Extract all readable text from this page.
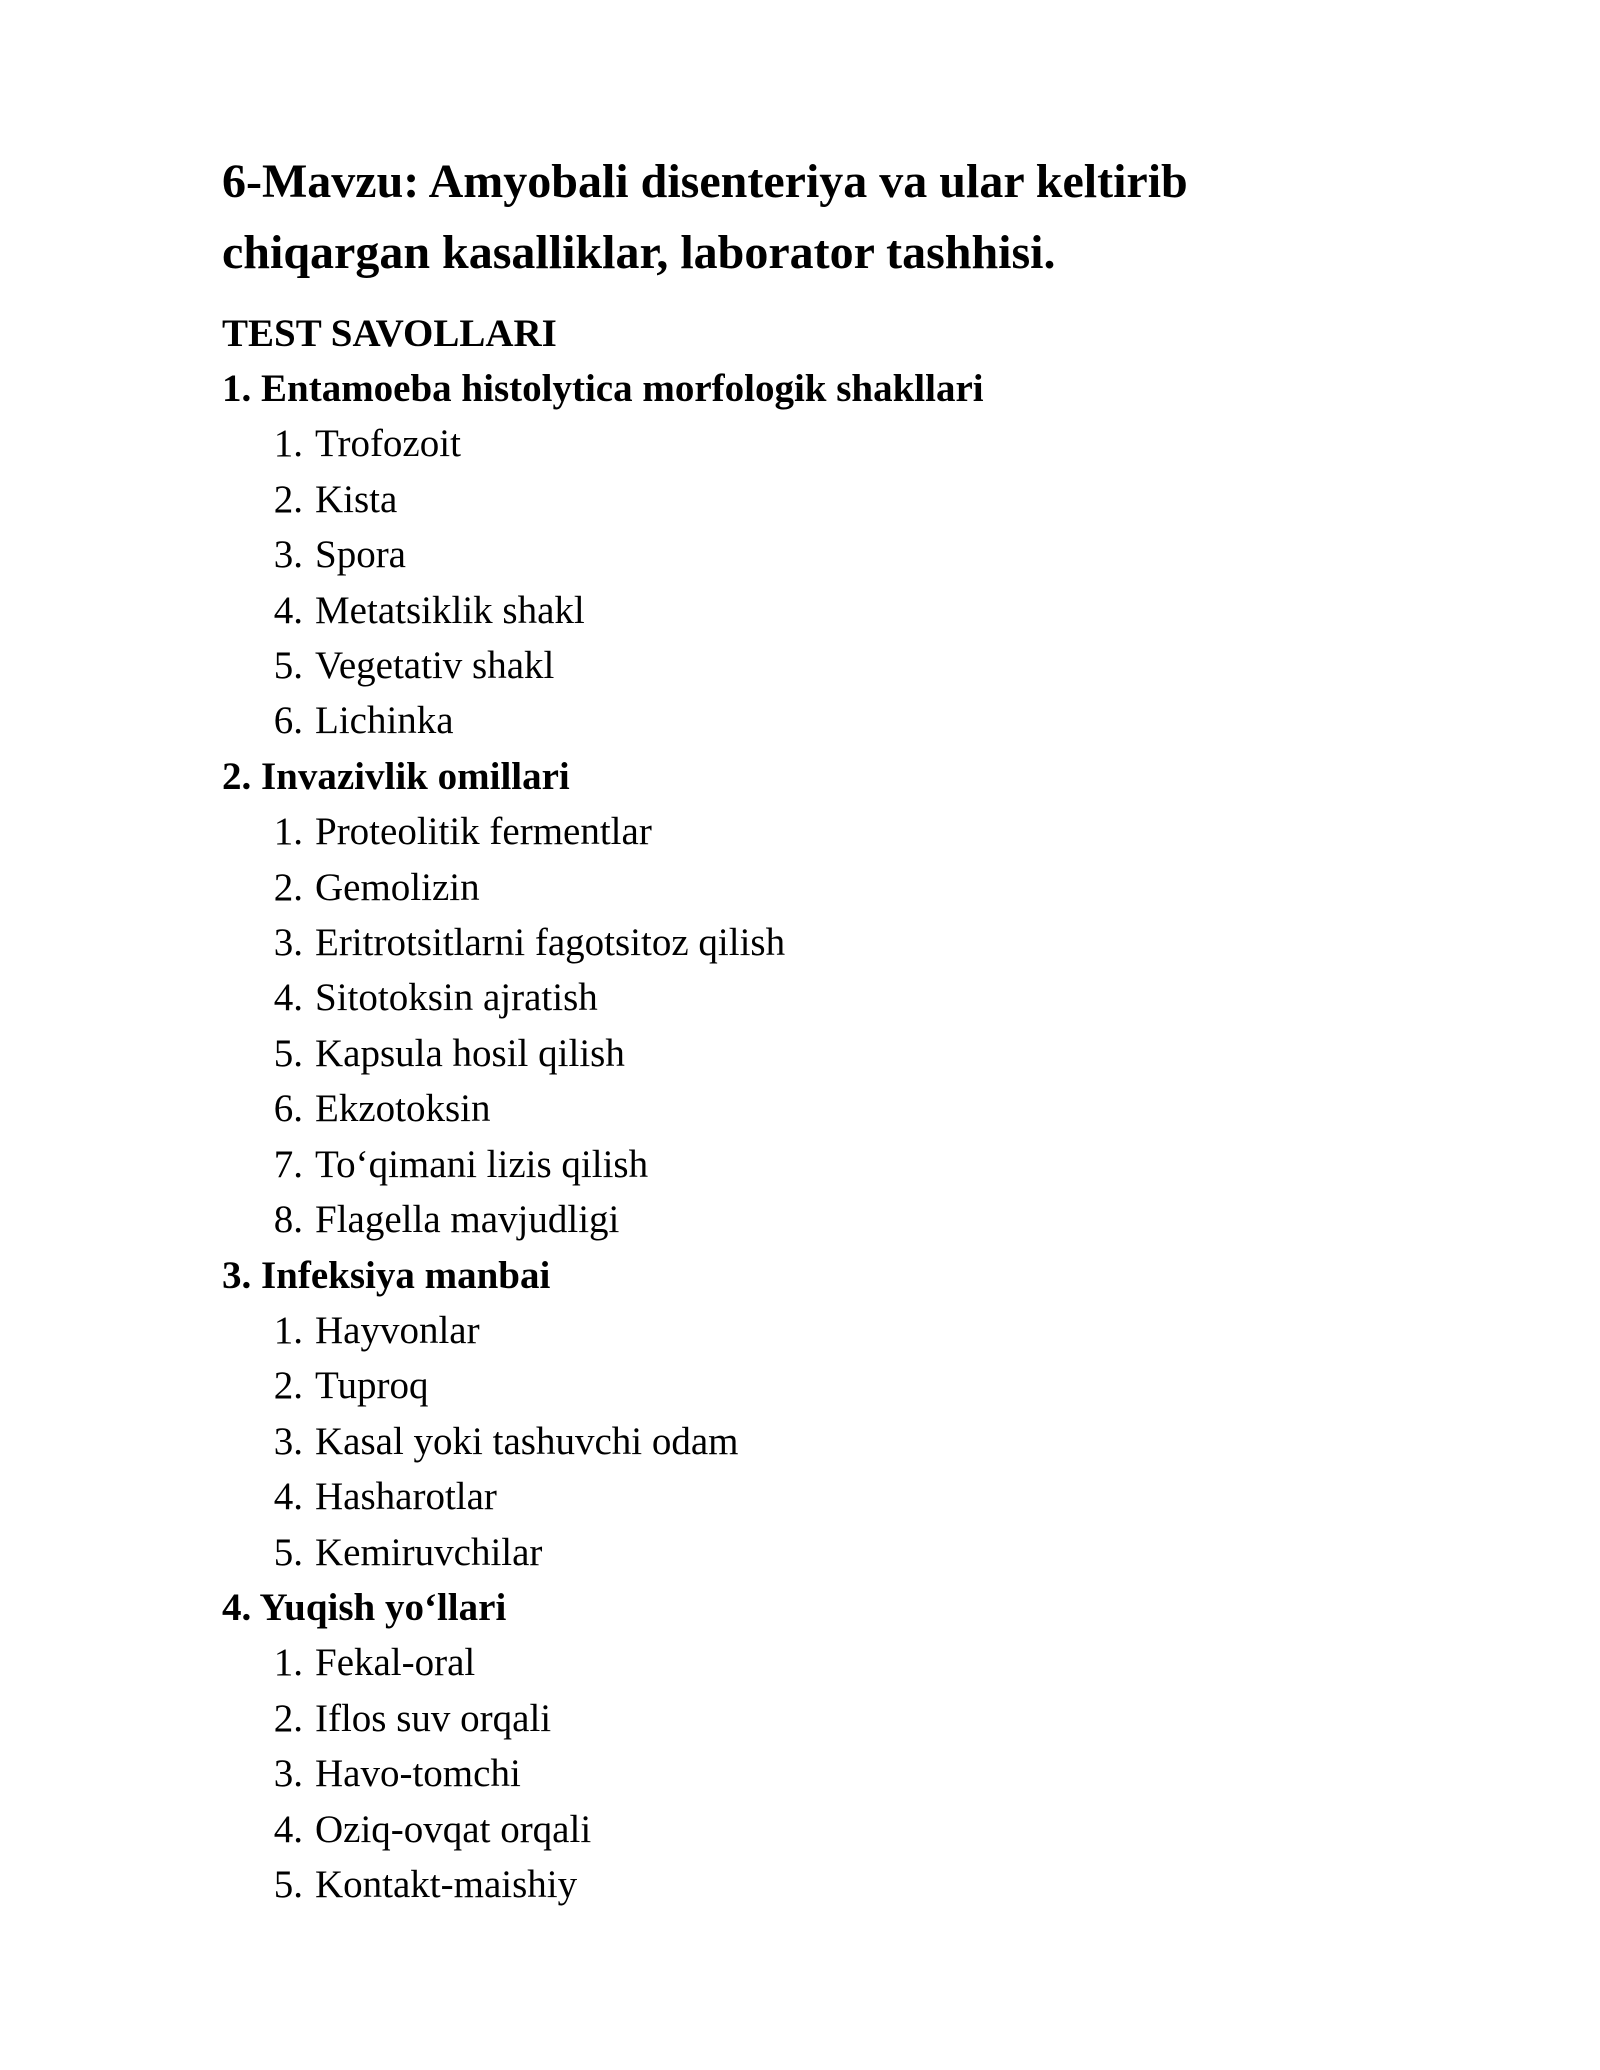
6-Mavzu: Amyobali disenteriya va ular keltirib chiqargan kasalliklar, laborator tashhisi.
TEST SAVOLLARI
1. Entamoeba histolytica morfologik shakllari
1. Trofozoit
2. Kista
3. Spora
4. Metatsiklik shakl
5. Vegetativ shakl
6. Lichinka
2. Invazivlik omillari
1. Proteolitik fermentlar
2. Gemolizin
3. Eritrotsitlarni fagotsitoz qilish
4. Sitotoksin ajratish
5. Kapsula hosil qilish
6. Ekzotoksin
7. To‘qimani lizis qilish
8. Flagella mavjudligi
3. Infeksiya manbai
1. Hayvonlar
2. Tuproq
3. Kasal yoki tashuvchi odam
4. Hasharotlar
5. Kemiruvchilar
4. Yuqish yo‘llari
1. Fekal-oral
2. Iflos suv orqali
3. Havo-tomchi
4. Oziq-ovqat orqali
5. Kontakt-maishiy
